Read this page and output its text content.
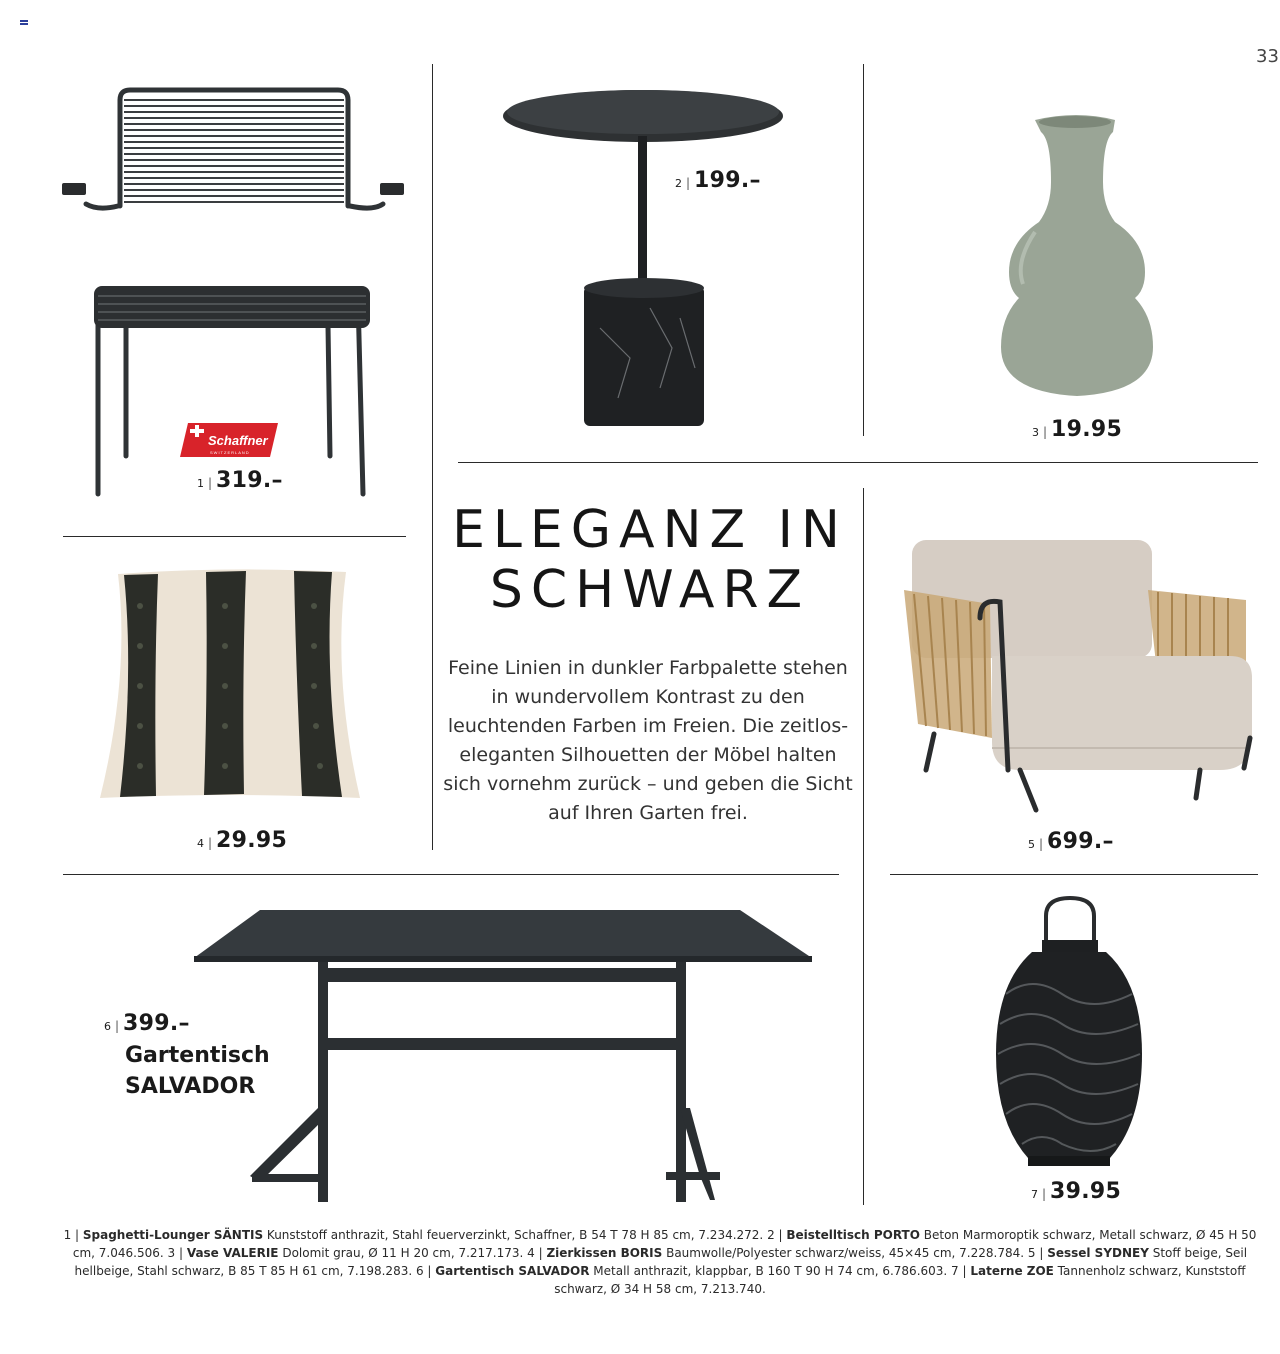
33
Schaffner
SWITZERLAND
1 | 319.–
2 | 199.–
3 | 19.95
ELEGANZ IN
SCHWARZ
Feine Linien in dunkler Farbpalette stehen in wundervollem Kontrast zu den leuchtenden Farben im Freien. Die zeitlos-eleganten Silhouetten der Möbel halten sich vornehm zurück – und geben die Sicht auf Ihren Garten frei.
4 | 29.95	5 | 699.–
6 | 399.–
Gartentisch
SALVADOR
7 | 39.95
1 | Spaghetti-Lounger SÄNTIS Kunststoff anthrazit, Stahl feuerverzinkt, Schaffner, B 54 T 78 H 85 cm, 7.234.272. 2 | Beistelltisch PORTO Beton Marmoroptik schwarz, Metall schwarz, Ø 45 H 50 cm, 7.046.506. 3 | Vase VALERIE Dolomit grau, Ø 11 H 20 cm, 7.217.173. 4 | Zierkissen BORIS Baumwolle/Polyester schwarz/weiss, 45×45 cm, 7.228.784. 5 | Sessel SYDNEY Stoff beige, Seil hellbeige, Stahl schwarz, B 85 T 85 H 61 cm, 7.198.283. 6 | Gartentisch SALVADOR Metall anthrazit, klappbar, B 160 T 90 H 74 cm, 6.786.603. 7 | Laterne ZOE Tannenholz schwarz, Kunststoff schwarz, Ø 34 H 58 cm, 7.213.740.
